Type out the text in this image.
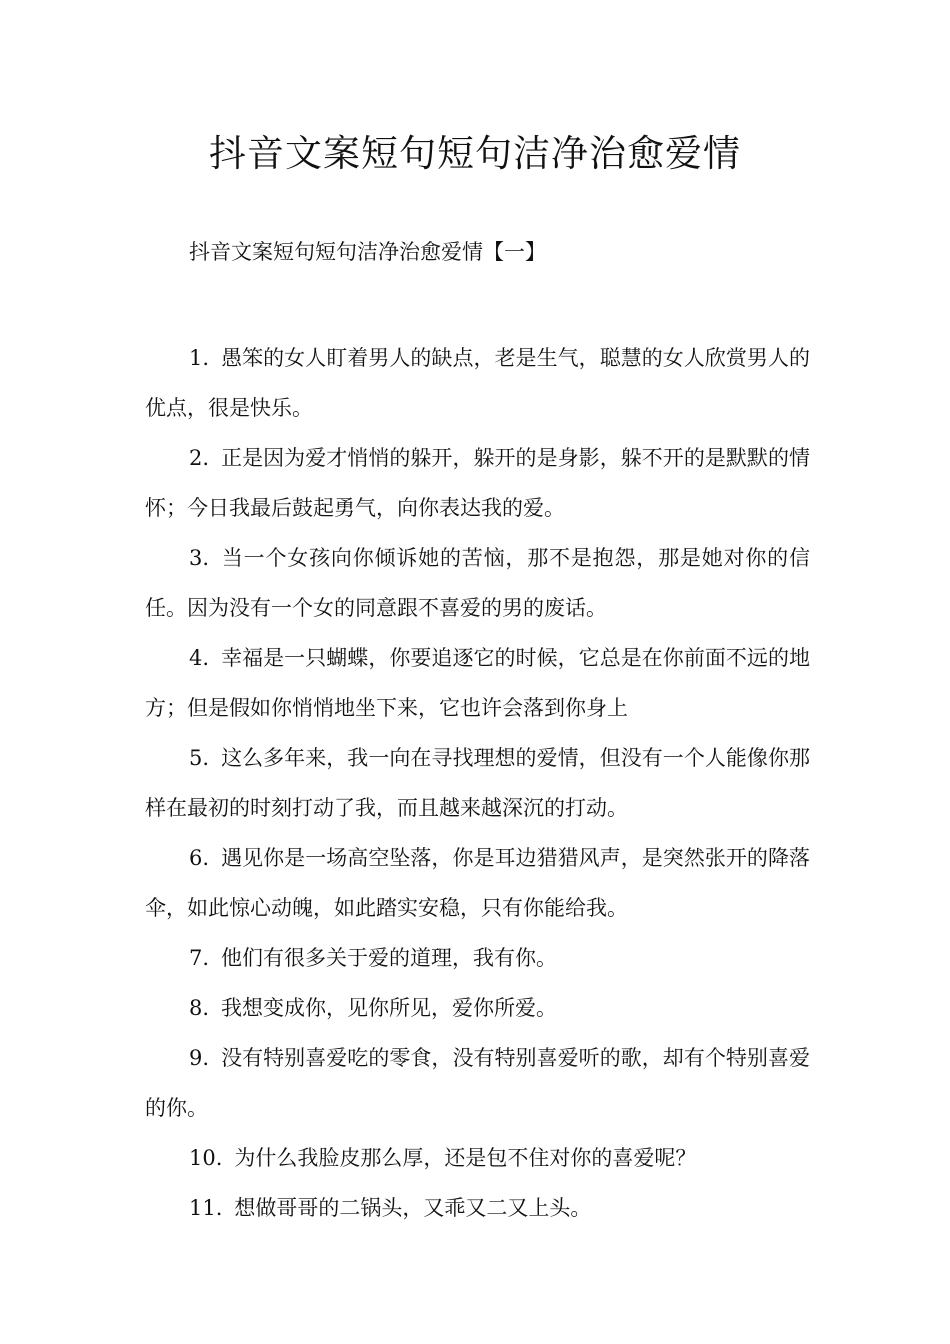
抖音文案短句短句洁净治愈爱情

抖音文案短句短句洁净治愈爱情【一】

1. 愚笨的女人盯着男人的缺点，老是生气，聪慧的女人欣赏男人的优点，很是快乐。
2. 正是因为爱才悄悄的躲开，躲开的是身影，躲不开的是默默的情怀；今日我最后鼓起勇气，向你表达我的爱。
3. 当一个女孩向你倾诉她的苦恼，那不是抱怨，那是她对你的信任。因为没有一个女的同意跟不喜爱的男的废话。
4. 幸福是一只蝴蝶，你要追逐它的时候，它总是在你前面不远的地方；但是假如你悄悄地坐下来，它也许会落到你身上
5. 这么多年来，我一向在寻找理想的爱情，但没有一个人能像你那样在最初的时刻打动了我，而且越来越深沉的打动。
6. 遇见你是一场高空坠落，你是耳边猎猎风声，是突然张开的降落伞，如此惊心动魄，如此踏实安稳，只有你能给我。
7. 他们有很多关于爱的道理，我有你。
8. 我想变成你，见你所见，爱你所爱。
9. 没有特别喜爱吃的零食，没有特别喜爱听的歌，却有个特别喜爱的你。
10. 为什么我脸皮那么厚，还是包不住对你的喜爱呢？
11. 想做哥哥的二锅头，又乖又二又上头。
